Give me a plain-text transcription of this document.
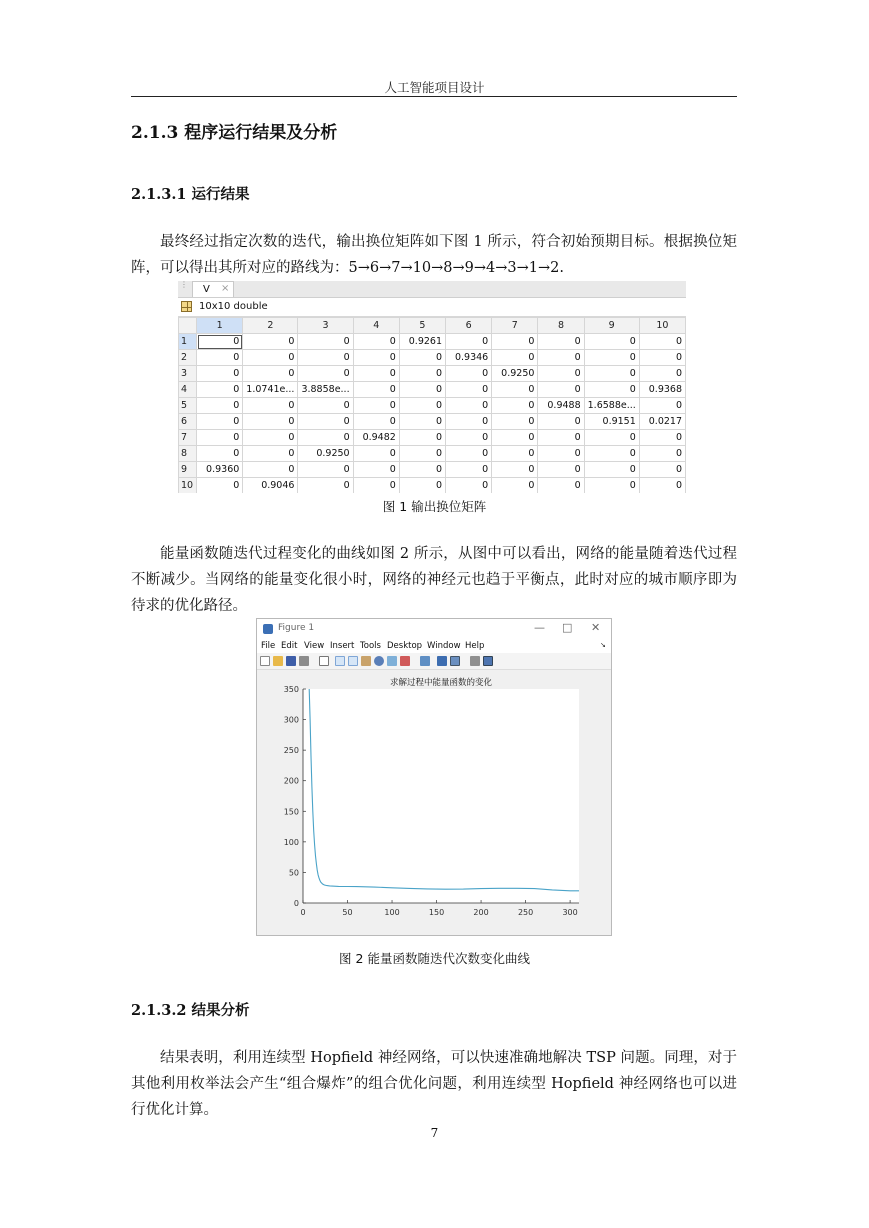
人工智能项目设计
2.1.3 程序运行结果及分析
2.1.3.1 运行结果

最终经过指定次数的迭代，输出换位矩阵如下图 1 所示，符合初始预期目标。根据换位矩阵，可以得出其所对应的路线为：5→6→7→10→8→9→4→3→1→2.

⋮ V ×
10x10 double
	1	2	3	4	5	6	7	8	9	10
1	0	0	0	0	0.9261	0	0	0	0	0
2	0	0	0	0	0	0.9346	0	0	0	0
3	0	0	0	0	0	0	0.9250	0	0	0
4	0	1.0741e...	3.8858e...	0	0	0	0	0	0	0.9368
5	0	0	0	0	0	0	0	0.9488	1.6588e...	0
6	0	0	0	0	0	0	0	0	0.9151	0.0217
7	0	0	0	0.9482	0	0	0	0	0	0
8	0	0	0.9250	0	0	0	0	0	0	0
9	0.9360	0	0	0	0	0	0	0	0	0
10	0	0.9046	0	0	0	0	0	0	0	0
图 1 输出换位矩阵

能量函数随迭代过程变化的曲线如图 2 所示，从图中可以看出，网络的能量随着迭代过程不断减少。当网络的能量变化很小时，网络的神经元也趋于平衡点，此时对应的城市顺序即为待求的优化路径。

Figure 1	— □ ✕
File Edit View Insert Tools Desktop Window Help	↘
0	50	100	150	200	250	300
0
50
100
150
200
250
300
350
求解过程中能量函数的变化
图 2 能量函数随迭代次数变化曲线
2.1.3.2 结果分析

结果表明，利用连续型 Hopfield 神经网络，可以快速准确地解决 TSP 问题。同理，对于其他利用枚举法会产生“组合爆炸”的组合优化问题，利用连续型 Hopfield 神经网络也可以进行优化计算。

7
